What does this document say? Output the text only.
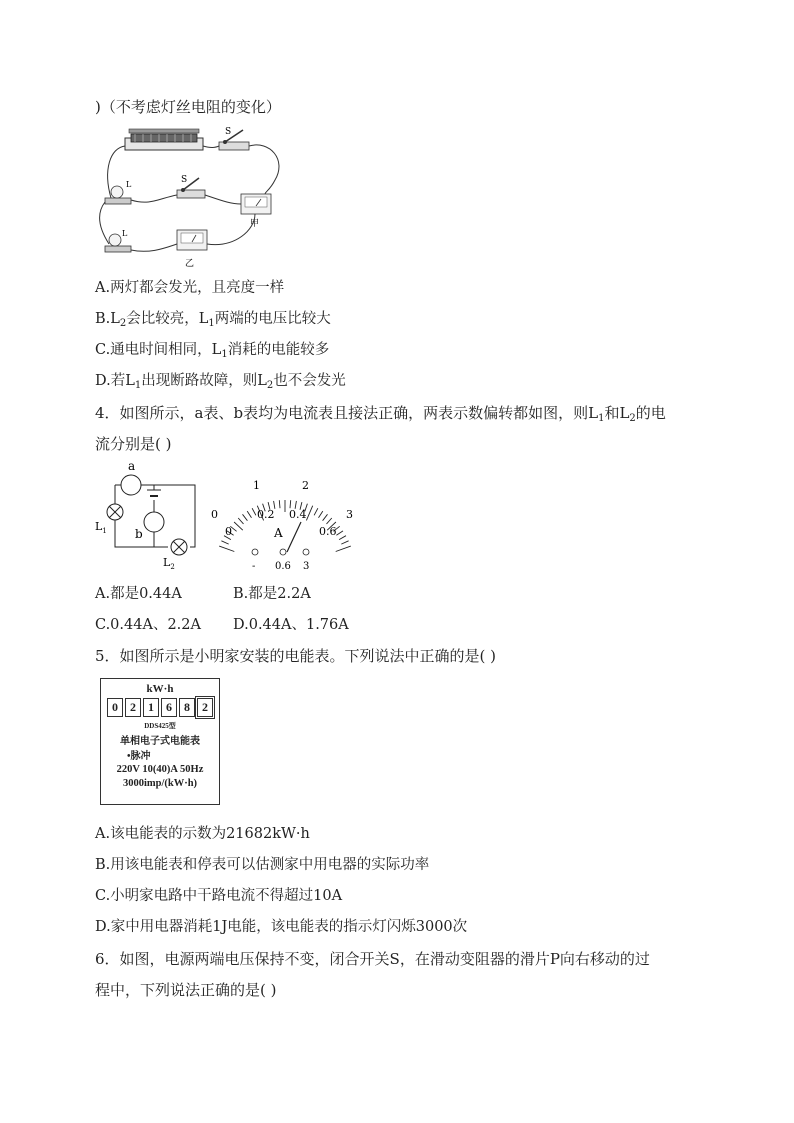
)（不考虑灯丝电阻的变化）
S
S
L
L
甲
乙
A.两灯都会发光，且亮度一样
$B.L_2$会比较亮，$L_1$两端的电压比较大
C.通电时间相同，$L_1$消耗的电能较多
D.若$L_1$出现断路故障，则$L_2$也不会发光
4．如图所示，a表、b表均为电流表且接法正确，两表示数偏转都如图，则$L_1$和$L_2$的电
流分别是( )
a
b
$L_1$
$L_2$
0
1	2
3
0
0.2 0.4
0.6
A
- 0.6 3
A.都是0.44A	B.都是2.2A
C.0.44A、2.2A D.0.44A、1.76A
5．如图所示是小明家安装的电能表。下列说法中正确的是( )
kW·h
0	2	1	6	8	2
DDS425型
单相电子式电能表
•脉冲
220V 10(40)A 50Hz
3000imp/(kW·h)
A.该电能表的示数为21682kW·h
B.用该电能表和停表可以估测家中用电器的实际功率
C.小明家电路中干路电流不得超过10A
D.家中用电器消耗1J电能，该电能表的指示灯闪烁3000次
6．如图，电源两端电压保持不变，闭合开关S，在滑动变阻器的滑片P向右移动的过
程中，下列说法正确的是( )
